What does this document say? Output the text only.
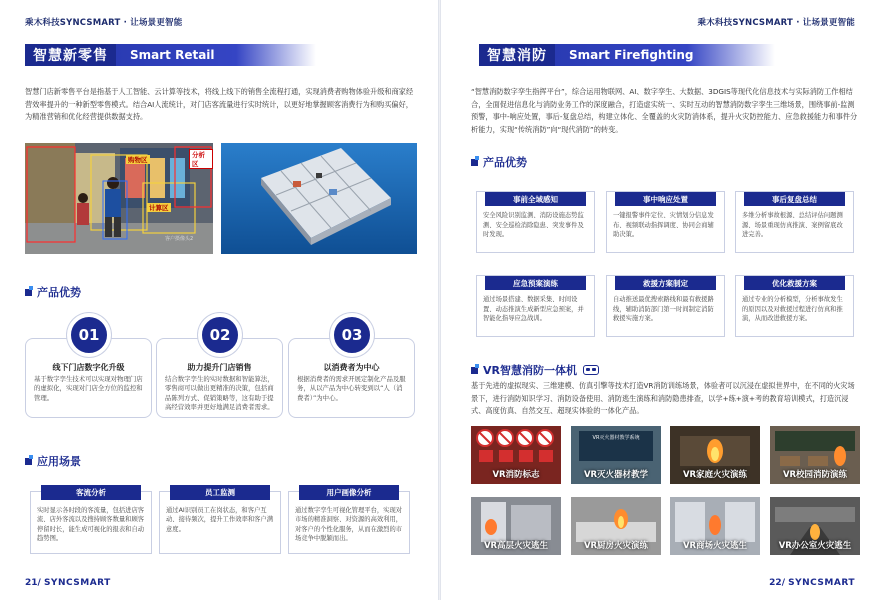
乘木科技SYNCSMART · 让场景更智能
智慧新零售	Smart Retail
智慧门店新零售平台是指基于人工智能、云计算等技术，将线上线下的销售全流程打通，实现消费者购物体验升级和商家经营效率提升的一种新型零售模式。结合AI人流统计，对门店客流量进行实时统计，以更好地掌握顾客消费行为和购买偏好，为精准营销和优化经营提供数据支持。
购物区
分析区
计算区
客户摄像头2
产品优势
01
线下门店数字化升级
基于数字孪生技术可以实现对物理门店的虚拟化，实现对门店全方位的监控和管理。
02
助力提升门店销售
结合数字孪生的实时数据和智能算法，零售商可以做出更精准的决策，包括商品陈列方式、促销策略等，这有助于提高经营效率并更好地满足消费者需求。
03
以消费者为中心
根据消费者的需求开展定制化产品及服务，从以产品为中心转变到以“人（消费者）”为中心。
应用场景
客流分析
实时显示各时段的客流量，包括进店客流、店外客流以及搜持顾客数量和顾客停留时长，能生成可视化的报表和自动趋势图。
员工监测
通过AI识别员工在岗状态，和客户互动、接待频次，提升工作效率和客户满意度。
用户画像分析
通过数字孪生可视化管理平台，实现对市场的精准洞察、对资源的高效利用，对客户的个性化服务，从而在激烈的市场竞争中脱颖而出。
21/ SYNCSMART
乘木科技SYNCSMART · 让场景更智能
智慧消防	Smart Firefighting
“智慧消防数字孪生指挥平台”，综合运用物联网、AI、数字孪生、大数据、3DGIS等现代化信息技术与实际消防工作相结合，全面促进信息化与消防业务工作的深度融合，打造虚实统一、实时互动的智慧消防数字孪生三维场景，围绕事前-监测预警，事中-响应处置，事后-复盘总结，构建立体化、全覆盖的火灾防消体系，提升火灾防控能力、应急救援能力和事件分析能力，实现“传统消防”向“现代消防”的转变。
产品优势
事前全域感知
安全风险识别监测、消防设施态势监测、安全巡检消除隐患、突发事件及时发现。
事中响应处置
一键报警事件定位、灾情划分信息发布、视频联动指挥调度、协同会商辅助决策。
事后复盘总结
多维分析事故根源、总结评估问题测源、场景重现仿真推演、案例留底改进完善。
应急预案演练
通过场景搭建、数据采集、时间设置、动态推演生成新型应急预案，并智能化指导应急战训。
救援方案制定
自动推送最优搜索路线和最有救援路线，辅助消防部门第一时间制定消防救援实施方案。
优化救援方案
通过专业的分析模型，分析事故发生的原因以及对救援过程进行仿真和推演，从而改进救援方案。
VR智慧消防一体机
基于先进的虚拟现实、三维建模、仿真引擎等技术打造VR消防训练场景，体验者可以沉浸在虚拟世界中，在不同的火灾场景下，进行消防知识学习、消防设备使用、消防逃生演练和消防隐患排查，以学+练+演+考的教育培训模式，打造沉浸式、高度仿真、自然交互、超现实体验的一体化产品。
VR消防标志
VR灭火器材教学系统
VR灭火器材教学	VR家庭火灾演练	VR校园消防演练
VR高层火灾逃生	VR厨房火灾演练	VR商场火灾逃生	VR办公室火灾逃生
22/ SYNCSMART
